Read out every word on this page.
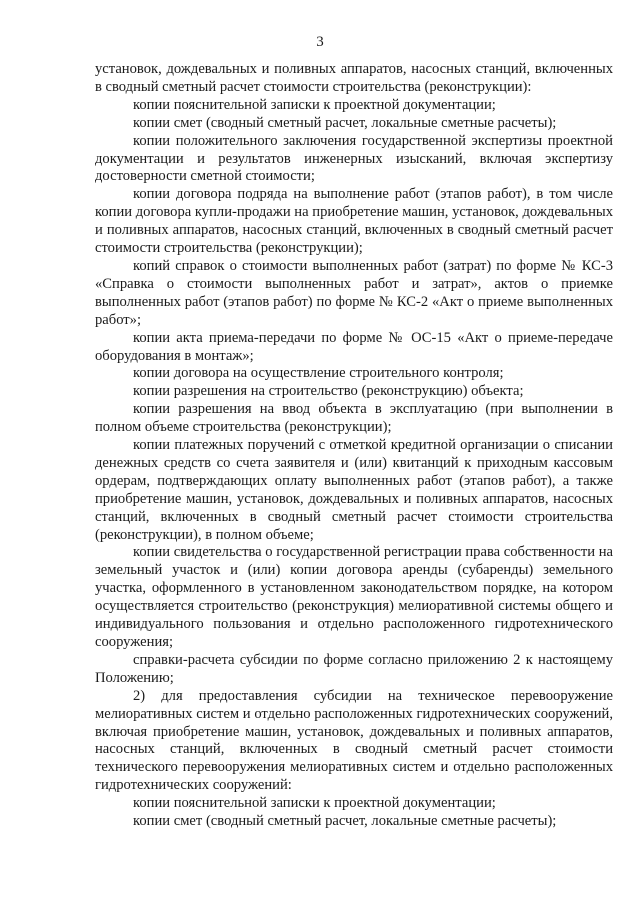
3

установок, дождевальных и поливных аппаратов, насосных станций, включенных в сводный сметный расчет стоимости строительства (реконструкции):

копии пояснительной записки к проектной документации;

копии смет (сводный сметный расчет, локальные сметные расчеты);

копии положительного заключения государственной экспертизы проектной документации и результатов инженерных изысканий, включая экспертизу достоверности сметной стоимости;

копии договора подряда на выполнение работ (этапов работ), в том числе копии договора купли-продажи на приобретение машин, установок, дождевальных и поливных аппаратов, насосных станций, включенных в сводный сметный расчет стоимости строительства (реконструкции);

копий справок о стоимости выполненных работ (затрат) по форме № КС-3 «Справка о стоимости выполненных работ и затрат», актов о приемке выполненных работ (этапов работ) по форме № КС-2 «Акт о приеме выполненных работ»;

копии акта приема-передачи по форме № ОС-15 «Акт о приеме-передаче оборудования в монтаж»;

копии договора на осуществление строительного контроля;

копии разрешения на строительство (реконструкцию) объекта;

копии разрешения на ввод объекта в эксплуатацию (при выполнении в полном объеме строительства (реконструкции);

копии платежных поручений с отметкой кредитной организации о списании денежных средств со счета заявителя и (или) квитанций к приходным кассовым ордерам, подтверждающих оплату выполненных работ (этапов работ), а также приобретение машин, установок, дождевальных и поливных аппаратов, насосных станций, включенных в сводный сметный расчет стоимости строительства (реконструкции), в полном объеме;

копии свидетельства о государственной регистрации права собственности на земельный участок и (или) копии договора аренды (субаренды) земельного участка, оформленного в установленном законодательством порядке, на котором осуществляется строительство (реконструкция) мелиоративной системы общего и индивидуального пользования и отдельно расположенного гидротехнического сооружения;

справки-расчета субсидии по форме согласно приложению 2 к настоящему Положению;

2) для предоставления субсидии на техническое перевооружение мелиоративных систем и отдельно расположенных гидротехнических сооружений, включая приобретение машин, установок, дождевальных и поливных аппаратов, насосных станций, включенных в сводный сметный расчет стоимости технического перевооружения мелиоративных систем и отдельно расположенных гидротехнических сооружений:

копии пояснительной записки к проектной документации;

копии смет (сводный сметный расчет, локальные сметные расчеты);
